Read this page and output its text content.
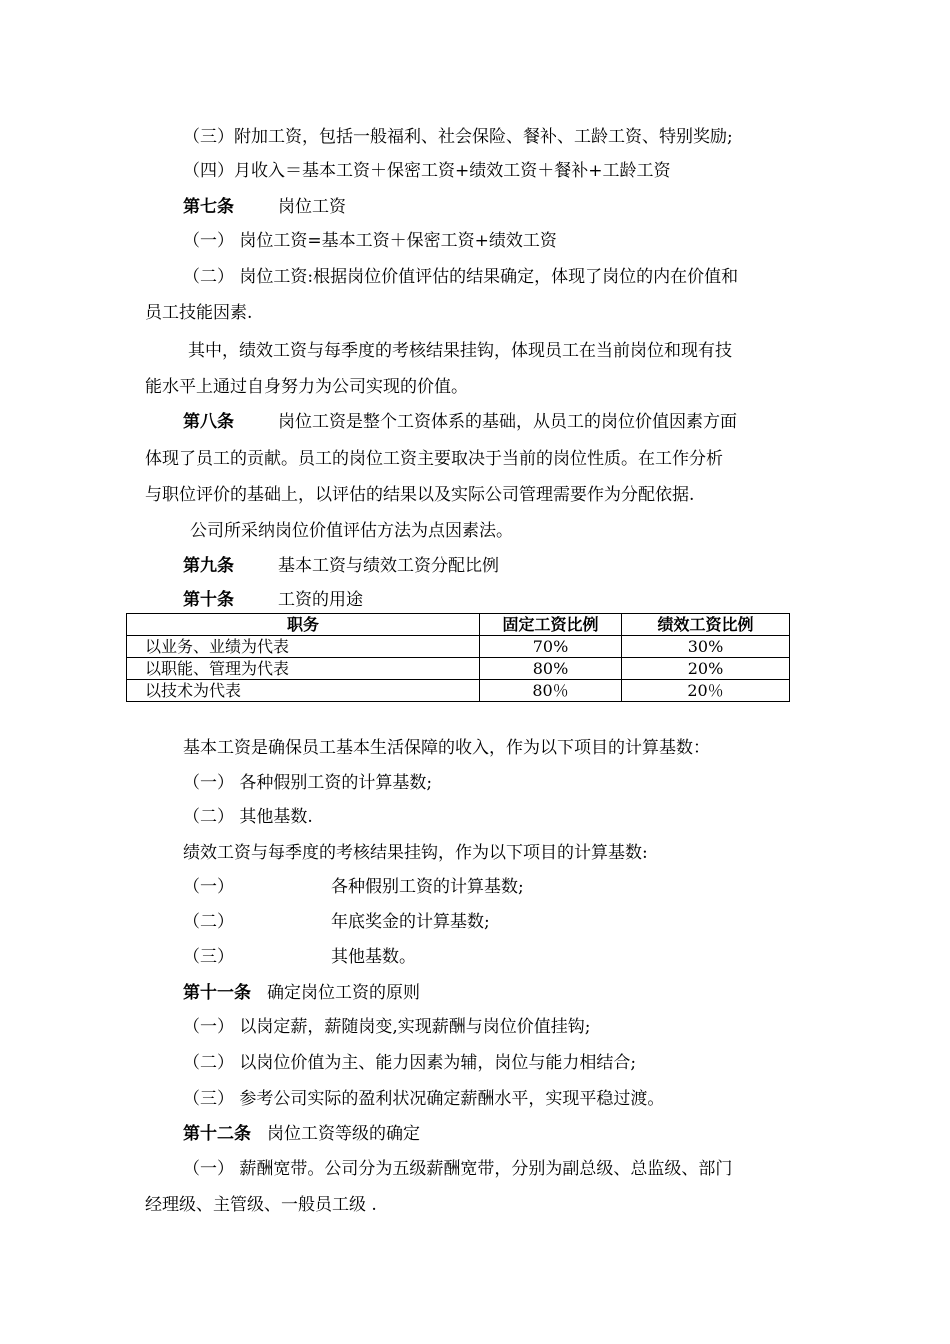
（三）附加工资，包括一般福利、社会保险、餐补、工龄工资、特别奖励;
（四）月收入＝基本工资＋保密工资+绩效工资＋餐补+工龄工资
第七条	岗位工资
（一） 岗位工资=基本工资＋保密工资+绩效工资
（二） 岗位工资:根据岗位价值评估的结果确定，体现了岗位的内在价值和
员工技能因素.
其中，绩效工资与每季度的考核结果挂钩，体现员工在当前岗位和现有技
能水平上通过自身努力为公司实现的价值。
第八条	岗位工资是整个工资体系的基础，从员工的岗位价值因素方面
体现了员工的贡献。员工的岗位工资主要取决于当前的岗位性质。在工作分析
与职位评价的基础上，以评估的结果以及实际公司管理需要作为分配依据.
公司所采纳岗位价值评估方法为点因素法。
第九条	基本工资与绩效工资分配比例
第十条	工资的用途
职务	固定工资比例	绩效工资比例
以业务、业绩为代表	70%	30%
以职能、管理为代表	80%	20%
以技术为代表	80％	20％
基本工资是确保员工基本生活保障的收入，作为以下项目的计算基数：
（一） 各种假别工资的计算基数;
（二） 其他基数.
绩效工资与每季度的考核结果挂钩，作为以下项目的计算基数:
（一）	各种假别工资的计算基数;
（二）	年底奖金的计算基数;
（三）	其他基数。
第十一条 确定岗位工资的原则
（一） 以岗定薪，薪随岗变,实现薪酬与岗位价值挂钩;
（二） 以岗位价值为主、能力因素为辅，岗位与能力相结合;
（三） 参考公司实际的盈利状况确定薪酬水平，实现平稳过渡。
第十二条 岗位工资等级的确定
（一） 薪酬宽带。公司分为五级薪酬宽带，分别为副总级、总监级、部门
经理级、主管级、一般员工级 .
